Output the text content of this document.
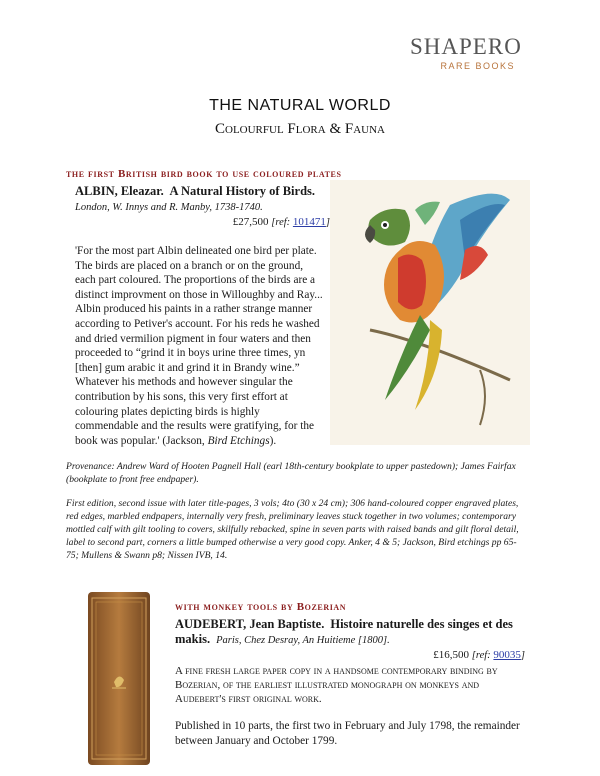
SHAPERO
RARE BOOKS
THE NATURAL WORLD
Colourful Flora & Fauna
the first British bird book to use coloured plates
ALBIN, Eleazar. A Natural History of Birds.  London, W. Innys and R. Manby, 1738-1740.
£27,500 [ref: 101471]
'For the most part Albin delineated one bird per plate. The birds are placed on a branch or on the ground, each part coloured. The proportions of the birds are a distinct improvment on those in Willoughby and Ray... Albin produced his paints in a rather strange manner according to Petiver's account. For his reds he washed and dried vermilion pigment in four waters and then proceeded to “grind it in boys urine three times, yn [then] gum arabic it and grind it in Brandy wine.” Whatever his methods and however singular the contribution by his sons, this very first effort at colouring plates depicting birds is highly commendable and the results were gratifying, for the book was popular.' (Jackson, Bird Etchings).
Provenance: Andrew Ward of Hooten Pagnell Hall (earl 18th-century bookplate to upper pastedown); James Fairfax (bookplate to front free endpaper).
First edition, second issue with later title-pages, 3 vols; 4to (30 x 24 cm); 306 hand-coloured copper engraved plates, red edges, marbled endpapers, internally very fresh, preliminary leaves stuck together in two volumes; contemporary mottled calf with gilt tooling to covers, skilfully rebacked, spine in seven parts with raised bands and gilt floral detail, label to second part, corners a little bumped otherwise a very good copy. Anker, 4 & 5; Jackson, Bird etchings pp 65-75; Mullens & Swann p8; Nissen IVB, 14.
with monkey tools by Bozerian
AUDEBERT, Jean Baptiste. Histoire naturelle des singes et des makis. Paris, Chez Desray, An Huitieme [1800].
£16,500 [ref: 90035]
A fine fresh large paper copy in a handsome contemporary binding by Bozerian, of the earliest illustrated monograph on monkeys and Audebert's first original work.
Published in 10 parts, the first two in February and July 1798, the remainder between January and October 1799.
